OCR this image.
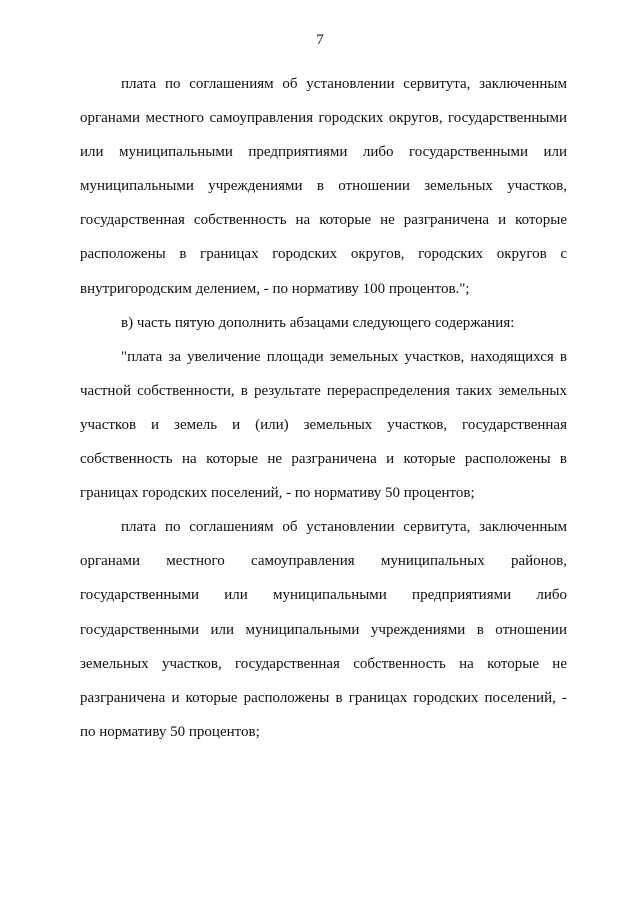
7

плата по соглашениям об установлении сервитута, заключенным
органами местного самоуправления городских округов, государственными
или муниципальными предприятиями либо государственными или
муниципальными учреждениями в отношении земельных участков,
государственная собственность на которые не разграничена и которые
расположены в границах городских округов, городских округов с
внутригородским делением, - по нормативу 100 процентов.";

в) часть пятую дополнить абзацами следующего содержания:

"плата за увеличение площади земельных участков, находящихся в
частной собственности, в результате перераспределения таких земельных
участков и земель и (или) земельных участков, государственная
собственность на которые не разграничена и которые расположены в
границах городских поселений, - по нормативу 50 процентов;

плата по соглашениям об установлении сервитута, заключенным
органами местного самоуправления муниципальных районов,
государственными или муниципальными предприятиями либо
государственными или муниципальными учреждениями в отношении
земельных участков, государственная собственность на которые не
разграничена и которые расположены в границах городских поселений, -
по нормативу 50 процентов;
